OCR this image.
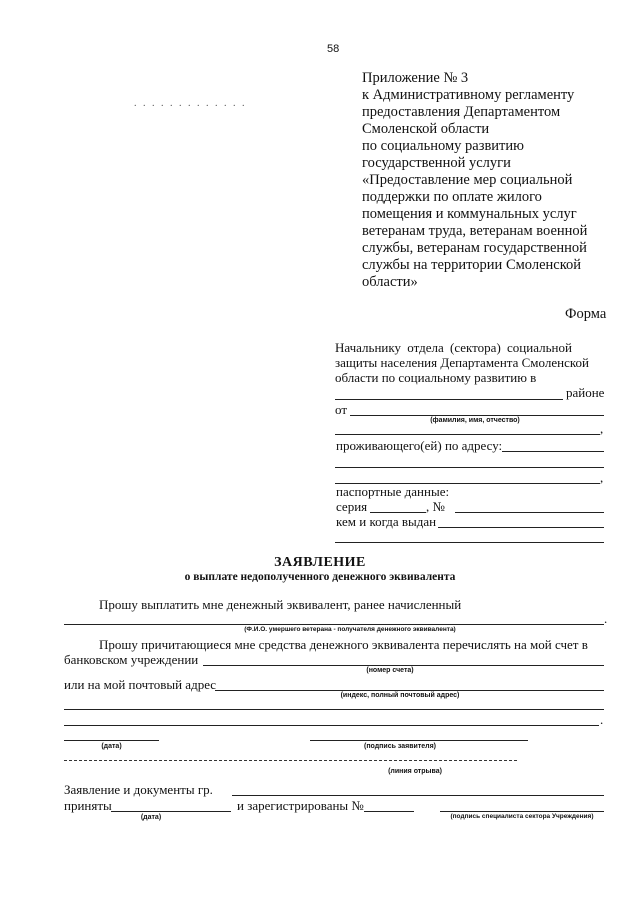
58
. . . . . . . . . . . . .
Приложение № 3
к Административному регламенту
предоставления Департаментом
Смоленской области
по социальному развитию
государственной услуги
«Предоставление мер социальной
поддержки по оплате жилого
помещения и коммунальных услуг
ветеранам труда, ветеранам военной
службы, ветеранам государственной
службы на территории Смоленской
области»
Форма
Начальнику отдела (сектора) социальной
защиты населения Департамента Смоленской
области по социальному развитию в
районе
от
(фамилия, имя, отчество)
,
проживающего(ей) по адресу:
,
паспортные данные:
серия	, №
кем и когда выдан
ЗАЯВЛЕНИЕ
о выплате недополученного денежного эквивалента
Прошу выплатить мне денежный эквивалент, ранее начисленный
.
(Ф.И.О. умершего ветерана - получателя денежного эквивалента)
Прошу причитающиеся мне средства денежного эквивалента перечислять на мой счет в
банковском учреждении
(номер счета)
или на мой почтовый адрес
(индекс, полный почтовый адрес)
.
(дата)	(подпись заявителя)
(линия отрыва)
Заявление и документы гр.
приняты
(дата)
и зарегистрированы №
(подпись специалиста сектора Учреждения)
